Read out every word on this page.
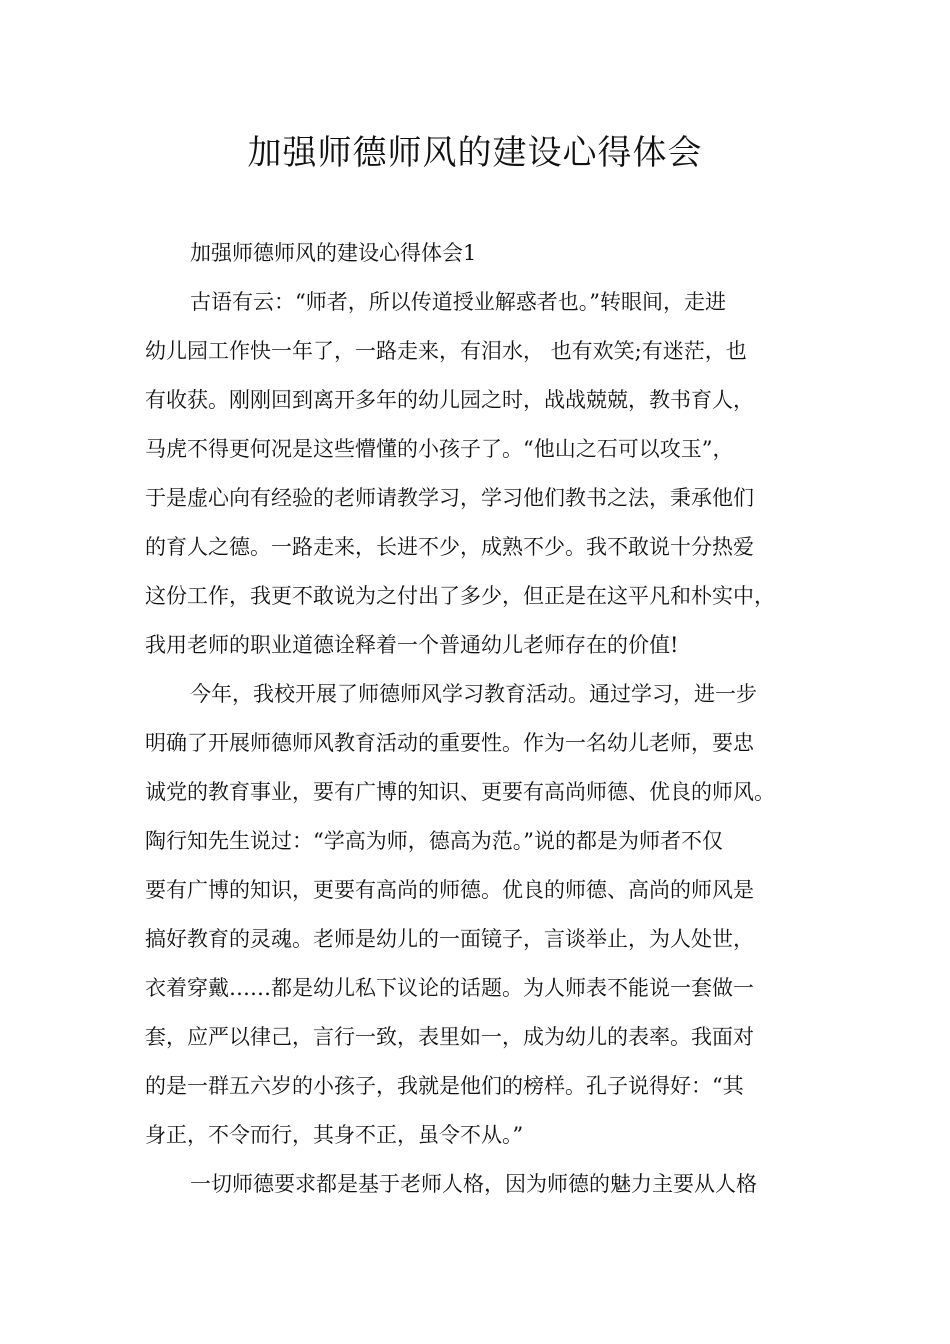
加强师德师风的建设心得体会
加强师德师风的建设心得体会1
古语有云：“师者，所以传道授业解惑者也。”转眼间，走进
幼儿园工作快一年了，一路走来，有泪水， 也有欢笑;有迷茫，也
有收获。刚刚回到离开多年的幼儿园之时，战战兢兢，教书育人，
马虎不得更何况是这些懵懂的小孩子了。“他山之石可以攻玉”，
于是虚心向有经验的老师请教学习，学习他们教书之法，秉承他们
的育人之德。一路走来，长进不少，成熟不少。我不敢说十分热爱
这份工作，我更不敢说为之付出了多少，但正是在这平凡和朴实中，
我用老师的职业道德诠释着一个普通幼儿老师存在的价值!
今年，我校开展了师德师风学习教育活动。通过学习，进一步
明确了开展师德师风教育活动的重要性。作为一名幼儿老师，要忠
诚党的教育事业，要有广博的知识、更要有高尚师德、优良的师风。
陶行知先生说过：“学高为师，德高为范。”说的都是为师者不仅
要有广博的知识，更要有高尚的师德。优良的师德、高尚的师风是
搞好教育的灵魂。老师是幼儿的一面镜子，言谈举止，为人处世，
衣着穿戴……都是幼儿私下议论的话题。为人师表不能说一套做一
套，应严以律己，言行一致，表里如一，成为幼儿的表率。我面对
的是一群五六岁的小孩子，我就是他们的榜样。孔子说得好：“其
身正，不令而行，其身不正，虽令不从。”
一切师德要求都是基于老师人格，因为师德的魅力主要从人格
